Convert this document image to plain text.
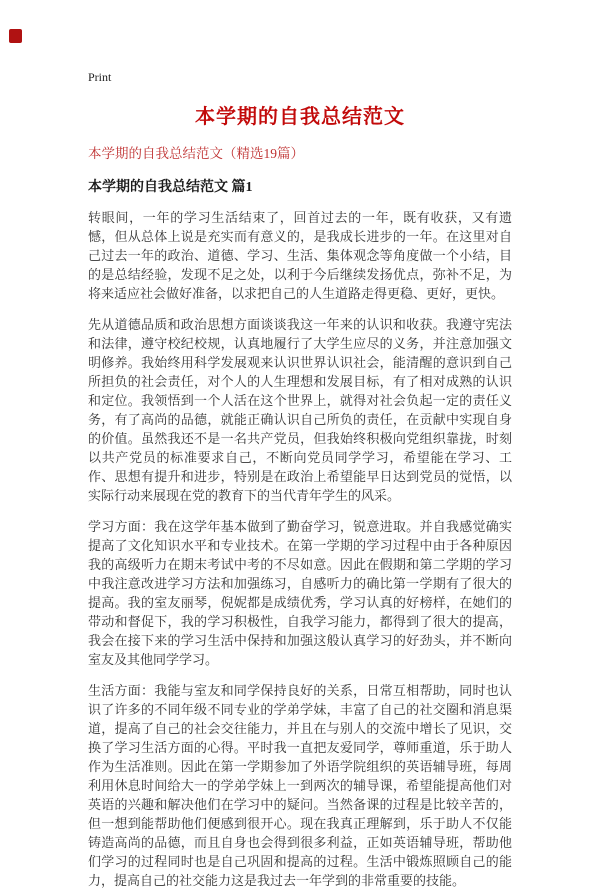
Print
本学期的自我总结范文
本学期的自我总结范文（精选19篇）
本学期的自我总结范文 篇1

转眼间，一年的学习生活结束了，回首过去的一年，既有收获，又有遗憾，但从总体上说是充实而有意义的，是我成长进步的一年。在这里对自己过去一年的政治、道德、学习、生活、集体观念等角度做一个小结，目的是总结经验，发现不足之处，以利于今后继续发扬优点，弥补不足，为将来适应社会做好准备，以求把自己的人生道路走得更稳、更好，更快。

先从道德品质和政治思想方面谈谈我这一年来的认识和收获。我遵守宪法和法律，遵守校纪校规，认真地履行了大学生应尽的义务，并注意加强文明修养。我始终用科学发展观来认识世界认识社会，能清醒的意识到自己所担负的社会责任，对个人的人生理想和发展目标，有了相对成熟的认识和定位。我领悟到一个人活在这个世界上，就得对社会负起一定的责任义务，有了高尚的品德，就能正确认识自己所负的责任，在贡献中实现自身的价值。虽然我还不是一名共产党员，但我始终积极向党组织靠拢，时刻以共产党员的标准要求自己，不断向党员同学学习，希望能在学习、工作、思想有提升和进步，特别是在政治上希望能早日达到党员的觉悟，以实际行动来展现在党的教育下的当代青年学生的风采。

学习方面：我在这学年基本做到了勤奋学习，锐意进取。并自我感觉确实提高了文化知识水平和专业技术。在第一学期的学习过程中由于各种原因我的高级听力在期末考试中考的不尽如意。因此在假期和第二学期的学习中我注意改进学习方法和加强练习，自感听力的确比第一学期有了很大的提高。我的室友丽琴，倪妮都是成绩优秀，学习认真的好榜样，在她们的带动和督促下，我的学习积极性，自我学习能力，都得到了很大的提高，我会在接下来的学习生活中保持和加强这般认真学习的好劲头，并不断向室友及其他同学学习。

生活方面：我能与室友和同学保持良好的关系，日常互相帮助，同时也认识了许多的不同年级不同专业的学弟学妹，丰富了自己的社交圈和消息渠道，提高了自己的社会交往能力，并且在与别人的交流中增长了见识，交换了学习生活方面的心得。平时我一直把友爱同学，尊师重道，乐于助人作为生活准则。因此在第一学期参加了外语学院组织的英语辅导班，每周利用休息时间给大一的学弟学妹上一到两次的辅导课，希望能提高他们对英语的兴趣和解决他们在学习中的疑问。当然备课的过程是比较辛苦的，但一想到能帮助他们便感到很开心。现在我真正理解到，乐于助人不仅能铸造高尚的品德，而且自身也会得到很多利益，正如英语辅导班，帮助他们学习的过程同时也是自己巩固和提高的过程。生活中锻炼照顾自己的能力，提高自己的社交能力这是我过去一年学到的非常重要的技能。
